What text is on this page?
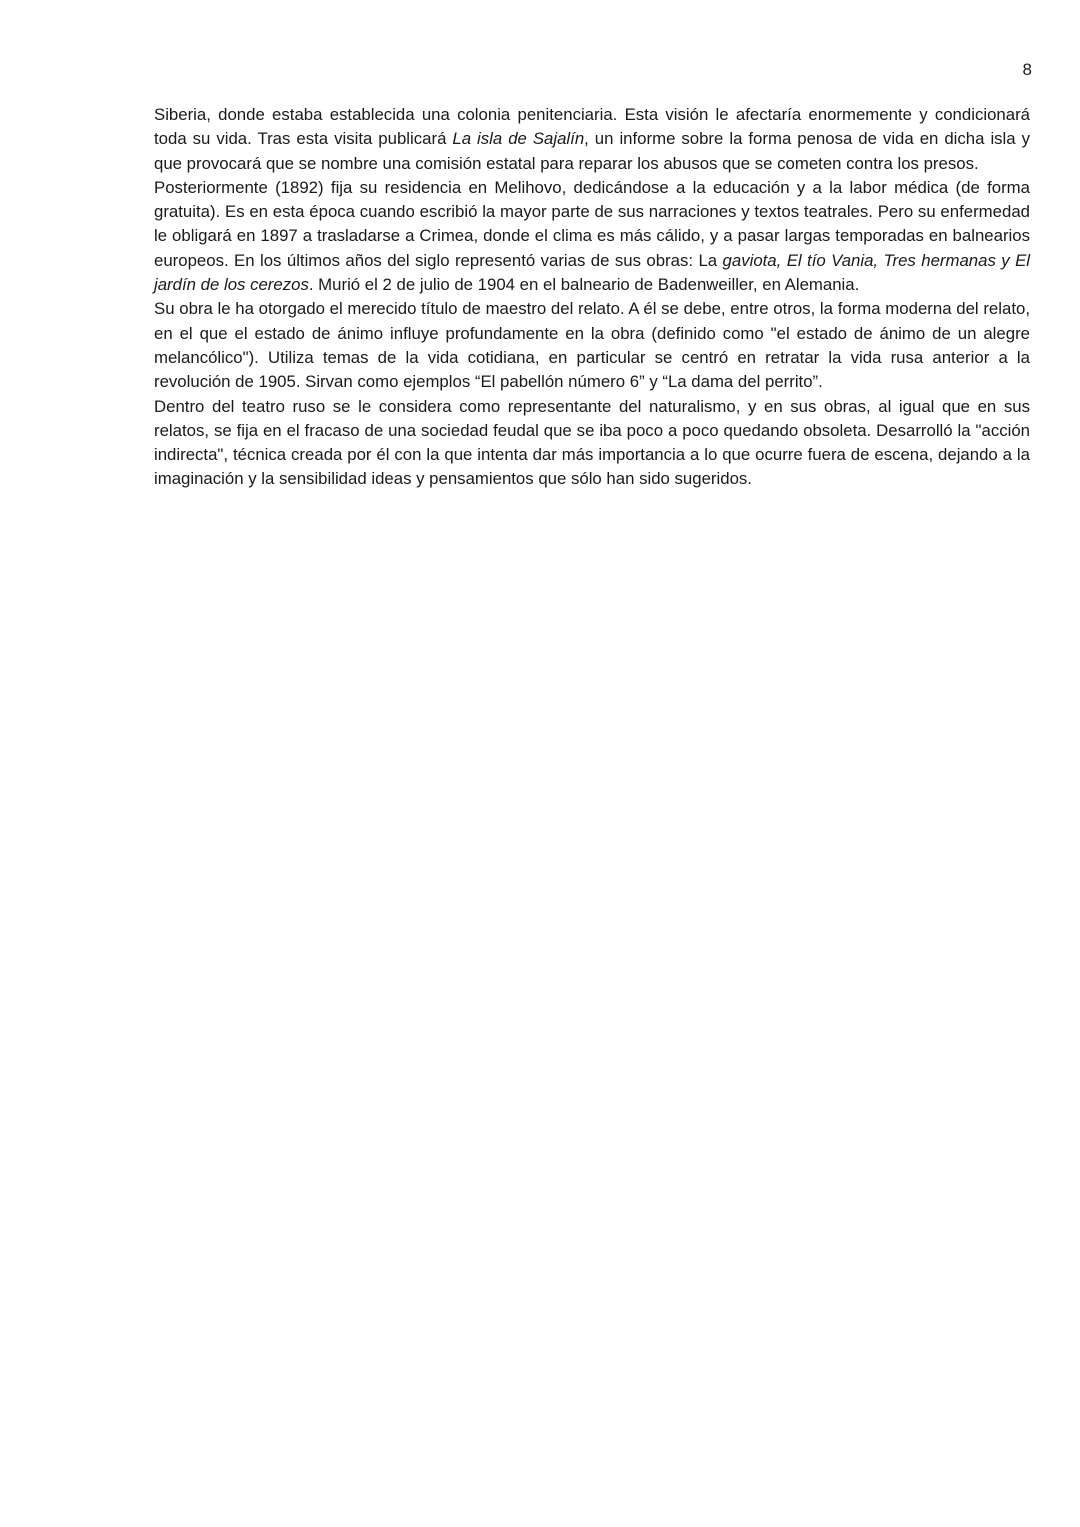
8

Siberia, donde estaba establecida una colonia penitenciaria. Esta visión le afectaría enormemente y condicionará toda su vida. Tras esta visita publicará La isla de Sajalín, un informe sobre la forma penosa de vida en dicha isla y que provocará que se nombre una comisión estatal para reparar los abusos que se cometen contra los presos.

Posteriormente (1892) fija su residencia en Melihovo, dedicándose a la educación y a la labor médica (de forma gratuita). Es en esta época cuando escribió la mayor parte de sus narraciones y textos teatrales. Pero su enfermedad le obligará en 1897 a trasladarse a Crimea, donde el clima es más cálido, y a pasar largas temporadas en balnearios europeos. En los últimos años del siglo representó varias de sus obras: La gaviota, El tío Vania, Tres hermanas y El jardín de los cerezos. Murió el 2 de julio de 1904 en el balneario de Badenweiller, en Alemania.

Su obra le ha otorgado el merecido título de maestro del relato. A él se debe, entre otros, la forma moderna del relato, en el que el estado de ánimo influye profundamente en la obra (definido como "el estado de ánimo de un alegre melancólico"). Utiliza temas de la vida cotidiana, en particular se centró en retratar la vida rusa anterior a la revolución de 1905. Sirvan como ejemplos “El pabellón número 6” y “La dama del perrito”.

Dentro del teatro ruso se le considera como representante del naturalismo, y en sus obras, al igual que en sus relatos, se fija en el fracaso de una sociedad feudal que se iba poco a poco quedando obsoleta. Desarrolló la "acción indirecta", técnica creada por él con la que intenta dar más importancia a lo que ocurre fuera de escena, dejando a la imaginación y la sensibilidad ideas y pensamientos que sólo han sido sugeridos.
